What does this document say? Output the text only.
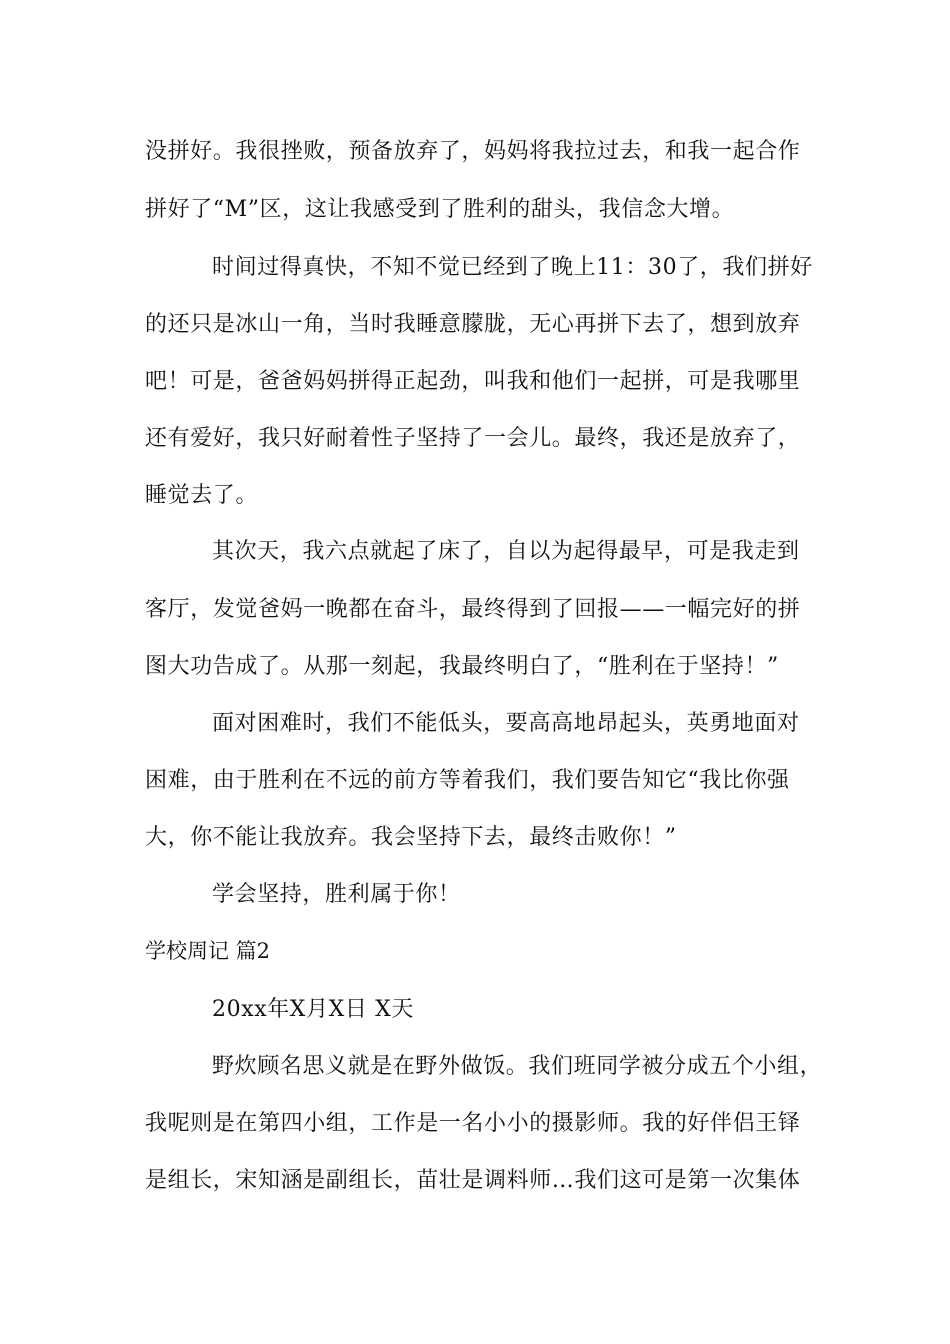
没拼好。我很挫败，预备放弃了，妈妈将我拉过去，和我一起合作
拼好了“M”区，这让我感受到了胜利的甜头，我信念大增。
时间过得真快，不知不觉已经到了晚上11：30了，我们拼好
的还只是冰山一角，当时我睡意朦胧，无心再拼下去了，想到放弃
吧！可是，爸爸妈妈拼得正起劲，叫我和他们一起拼，可是我哪里
还有爱好，我只好耐着性子坚持了一会儿。最终，我还是放弃了，
睡觉去了。
其次天，我六点就起了床了，自以为起得最早，可是我走到
客厅，发觉爸妈一晚都在奋斗，最终得到了回报——一幅完好的拼
图大功告成了。从那一刻起，我最终明白了，“胜利在于坚持！”
面对困难时，我们不能低头，要高高地昂起头，英勇地面对
困难，由于胜利在不远的前方等着我们，我们要告知它“我比你强
大，你不能让我放弃。我会坚持下去，最终击败你！”
学会坚持，胜利属于你！
学校周记 篇2
20xx年X月X日 X天
野炊顾名思义就是在野外做饭。我们班同学被分成五个小组，
我呢则是在第四小组，工作是一名小小的摄影师。我的好伴侣王铎
是组长，宋知涵是副组长，苗壮是调料师…我们这可是第一次集体
